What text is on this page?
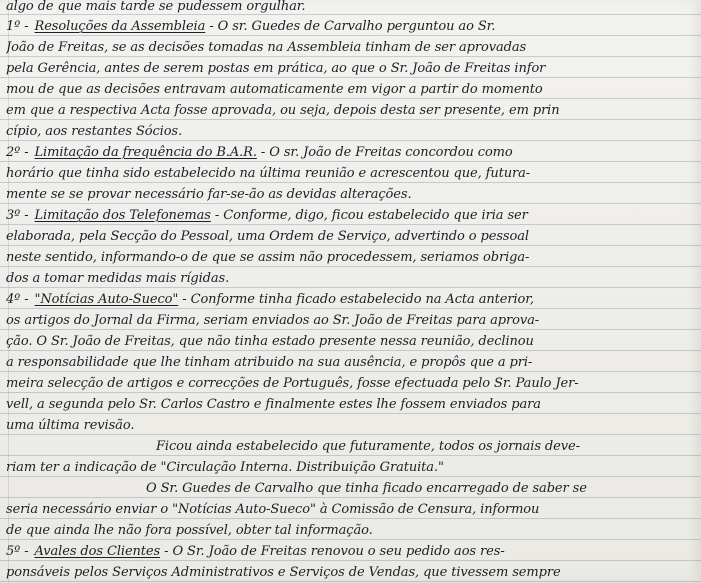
algo de que mais tarde se pudessem orgulhar.
1º - Resoluções da Assembleia - O sr. Guedes de Carvalho perguntou ao Sr.
João de Freitas, se as decisões tomadas na Assembleia tinham de ser aprovadas
pela Gerência, antes de serem postas em prática, ao que o Sr. João de Freitas infor
mou de que as decisões entravam automaticamente em vigor a partir do momento
em que a respectiva Acta fosse aprovada, ou seja, depois desta ser presente, em prin
cípio, aos restantes Sócios.
2º - Limitação da frequência do B.A.R. - O sr. João de Freitas concordou como
horário que tinha sido estabelecido na última reunião e acrescentou que, futura-
mente se se provar necessário far-se-ão as devidas alterações.
3º - Limitação dos Telefonemas - Conforme, digo, ficou estabelecido que iria ser
elaborada, pela Secção do Pessoal, uma Ordem de Serviço, advertindo o pessoal
neste sentido, informando-o de que se assim não procedessem, seriamos obriga-
dos a tomar medidas mais rígidas.
4º - "Notícias Auto-Sueco" - Conforme tinha ficado estabelecido na Acta anterior,
os artigos do Jornal da Firma, seriam enviados ao Sr. João de Freitas para aprova-
ção. O Sr. João de Freitas, que não tinha estado presente nessa reunião, declinou
a responsabilidade que lhe tinham atribuido na sua ausência, e propôs que a pri-
meira selecção de artigos e correcções de Português, fosse efectuada pelo Sr. Paulo Jer-
vell, a segunda pelo Sr. Carlos Castro e finalmente estes lhe fossem enviados para
uma última revisão.
Ficou ainda estabelecido que futuramente, todos os jornais deve-
riam ter a indicação de "Circulação Interna. Distribuição Gratuita."
O Sr. Guedes de Carvalho que tinha ficado encarregado de saber se
seria necessário enviar o "Notícias Auto-Sueco" à Comissão de Censura, informou
de que ainda lhe não fora possível, obter tal informação.
5º - Avales dos Clientes - O Sr. João de Freitas renovou o seu pedido aos res-
ponsáveis pelos Serviços Administrativos e Serviços de Vendas, que tivessem sempre
